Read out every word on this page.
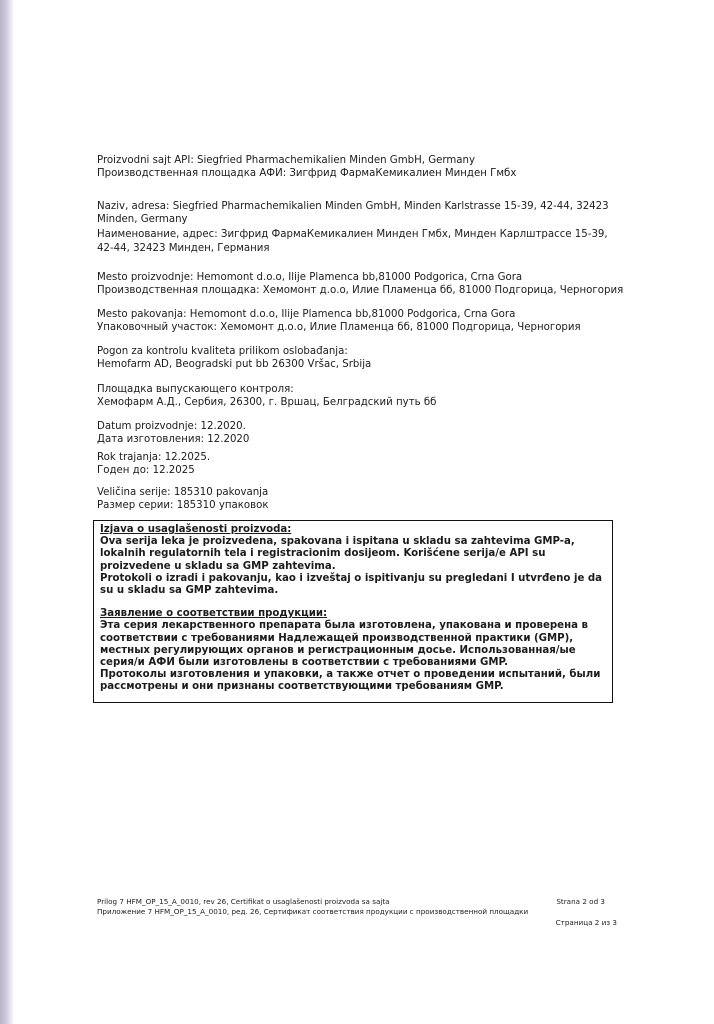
Proizvodni sajt API: Siegfried Pharmachemikalien Minden GmbH, Germany
Производственная площадка АФИ: Зигфрид ФармаКемикалиен Минден Гмбх
Naziv, adresa: Siegfried Pharmachemikalien Minden GmbH, Minden Karlstrasse 15-39, 42-44, 32423 Minden, Germany
Наименование, адрес: Зигфрид ФармаКемикалиен Минден Гмбх, Минден Карлштрассе 15-39, 42-44, 32423 Минден, Германия
Mesto proizvodnje: Hemomont d.o.o, Ilije Plamenca bb,81000 Podgorica, Crna Gora
Производственная площадка: Хемомонт д.о.о, Илие Пламенца бб, 81000 Подгорица, Черногория
Mesto pakovanja: Hemomont d.o.o, Ilije Plamenca bb,81000 Podgorica, Crna Gora
Упаковочный участок: Хемомонт д.о.о, Илие Пламенца бб, 81000 Подгорица, Черногория
Pogon za kontrolu kvaliteta prilikom oslobađanja:
Hemofarm AD, Beogradski put bb 26300 Vršac, Srbija
Площадка выпускающего контроля:
Хемофарм А.Д., Сербия, 26300, г. Вршац, Белградский путь бб
Datum proizvodnje: 12.2020.
Дата изготовления: 12.2020
Rok trajanja: 12.2025.
Годен до: 12.2025
Veličina serije: 185310 pakovanja
Размер серии: 185310 упаковок

Izjava o usaglašenosti proizvoda:

Ova serija leka je proizvedena, spakovana i ispitana u skladu sa zahtevima GMP-a, lokalnih regulatornih tela i registracionim dosijeom. Korišćene serija/e API su proizvedene u skladu sa GMP zahtevima.

Protokoli o izradi i pakovanju, kao i izveštaj o ispitivanju su pregledani I utvrđeno je da su u skladu sa GMP zahtevima.

Заявление о соответствии продукции:

Эта серия лекарственного препарата была изготовлена, упакована и проверена в соответствии с требованиями Надлежащей производственной практики (GMP), местных регулирующих органов и регистрационным досье. Использованная/ые серия/и АФИ были изготовлены в соответствии с требованиями GMP.

Протоколы изготовления и упаковки, а также отчет о проведении испытаний, были рассмотрены и они признаны соответствующими требованиям GMP.

Prilog 7 HFM_OP_15_A_0010, rev 26, Certifikat o usaglašenosti proizvoda sa sajta	Strana 2 od 3
Приложение 7 HFM_OP_15_A_0010, ред. 26, Сертификат соответствия продукции с производственной площадки
Страница 2 из 3
